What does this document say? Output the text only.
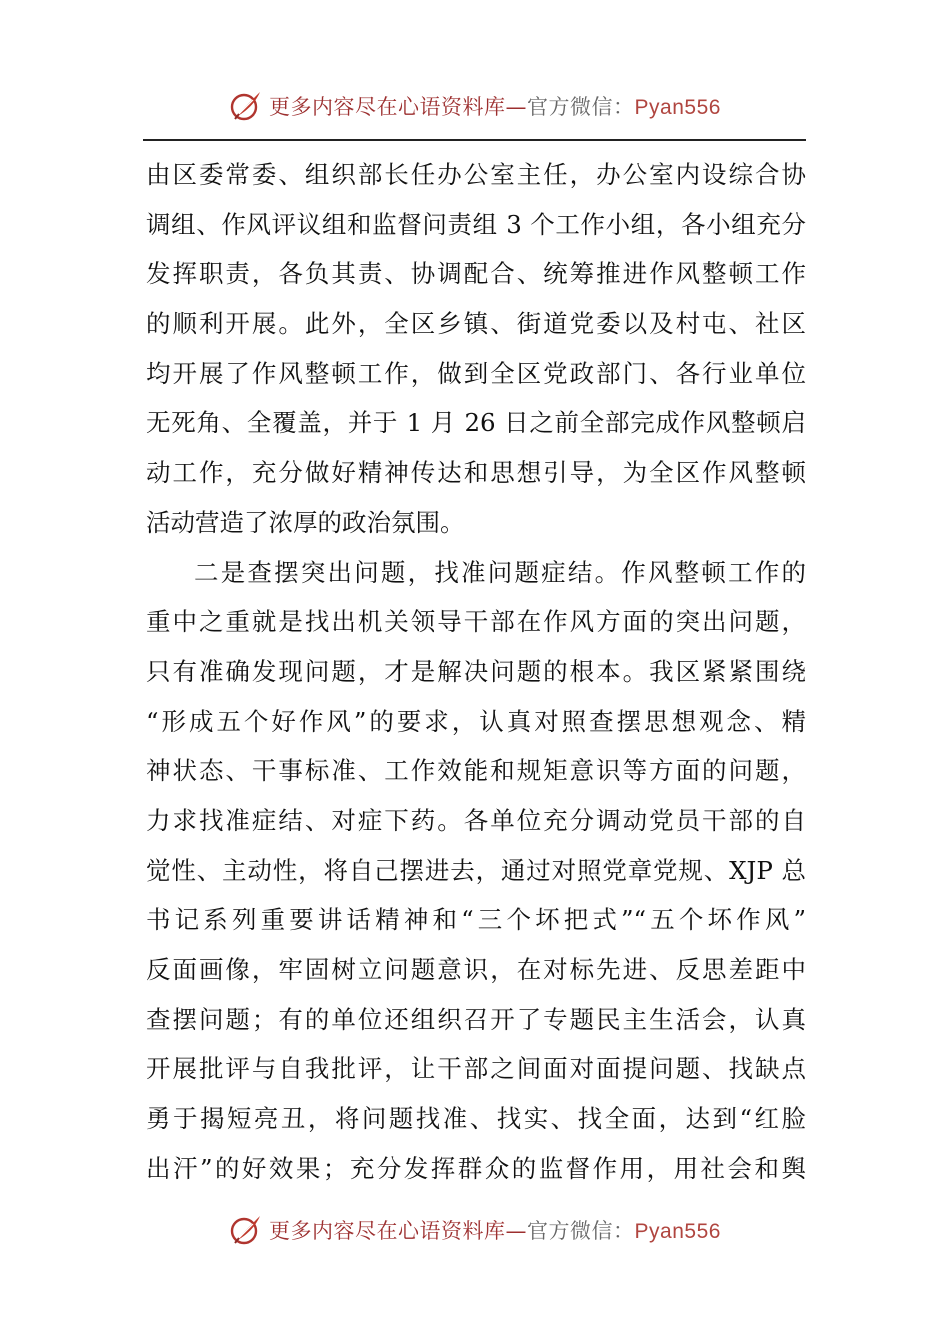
更多内容尽在心语资料库—官方微信：Pyan556
由区委常委、组织部长任办公室主任，办公室内设综合协
调组、作风评议组和监督问责组 3 个工作小组，各小组充分
发挥职责，各负其责、协调配合、统筹推进作风整顿工作
的顺利开展。此外，全区乡镇、街道党委以及村屯、社区
均开展了作风整顿工作，做到全区党政部门、各行业单位
无死角、全覆盖，并于 1 月 26 日之前全部完成作风整顿启
动工作，充分做好精神传达和思想引导，为全区作风整顿
活动营造了浓厚的政治氛围。
二是查摆突出问题，找准问题症结。作风整顿工作的
重中之重就是找出机关领导干部在作风方面的突出问题，
只有准确发现问题，才是解决问题的根本。我区紧紧围绕
“形成五个好作风”的要求，认真对照查摆思想观念、精
神状态、干事标准、工作效能和规矩意识等方面的问题，
力求找准症结、对症下药。各单位充分调动党员干部的自
觉性、主动性，将自己摆进去，通过对照党章党规、XJP 总
书记系列重要讲话精神和“三个坏把式”“五个坏作风”
反面画像，牢固树立问题意识，在对标先进、反思差距中
查摆问题；有的单位还组织召开了专题民主生活会，认真
开展批评与自我批评，让干部之间面对面提问题、找缺点
勇于揭短亮丑，将问题找准、找实、找全面，达到“红脸
出汗”的好效果；充分发挥群众的监督作用，用社会和舆
更多内容尽在心语资料库—官方微信：Pyan556
